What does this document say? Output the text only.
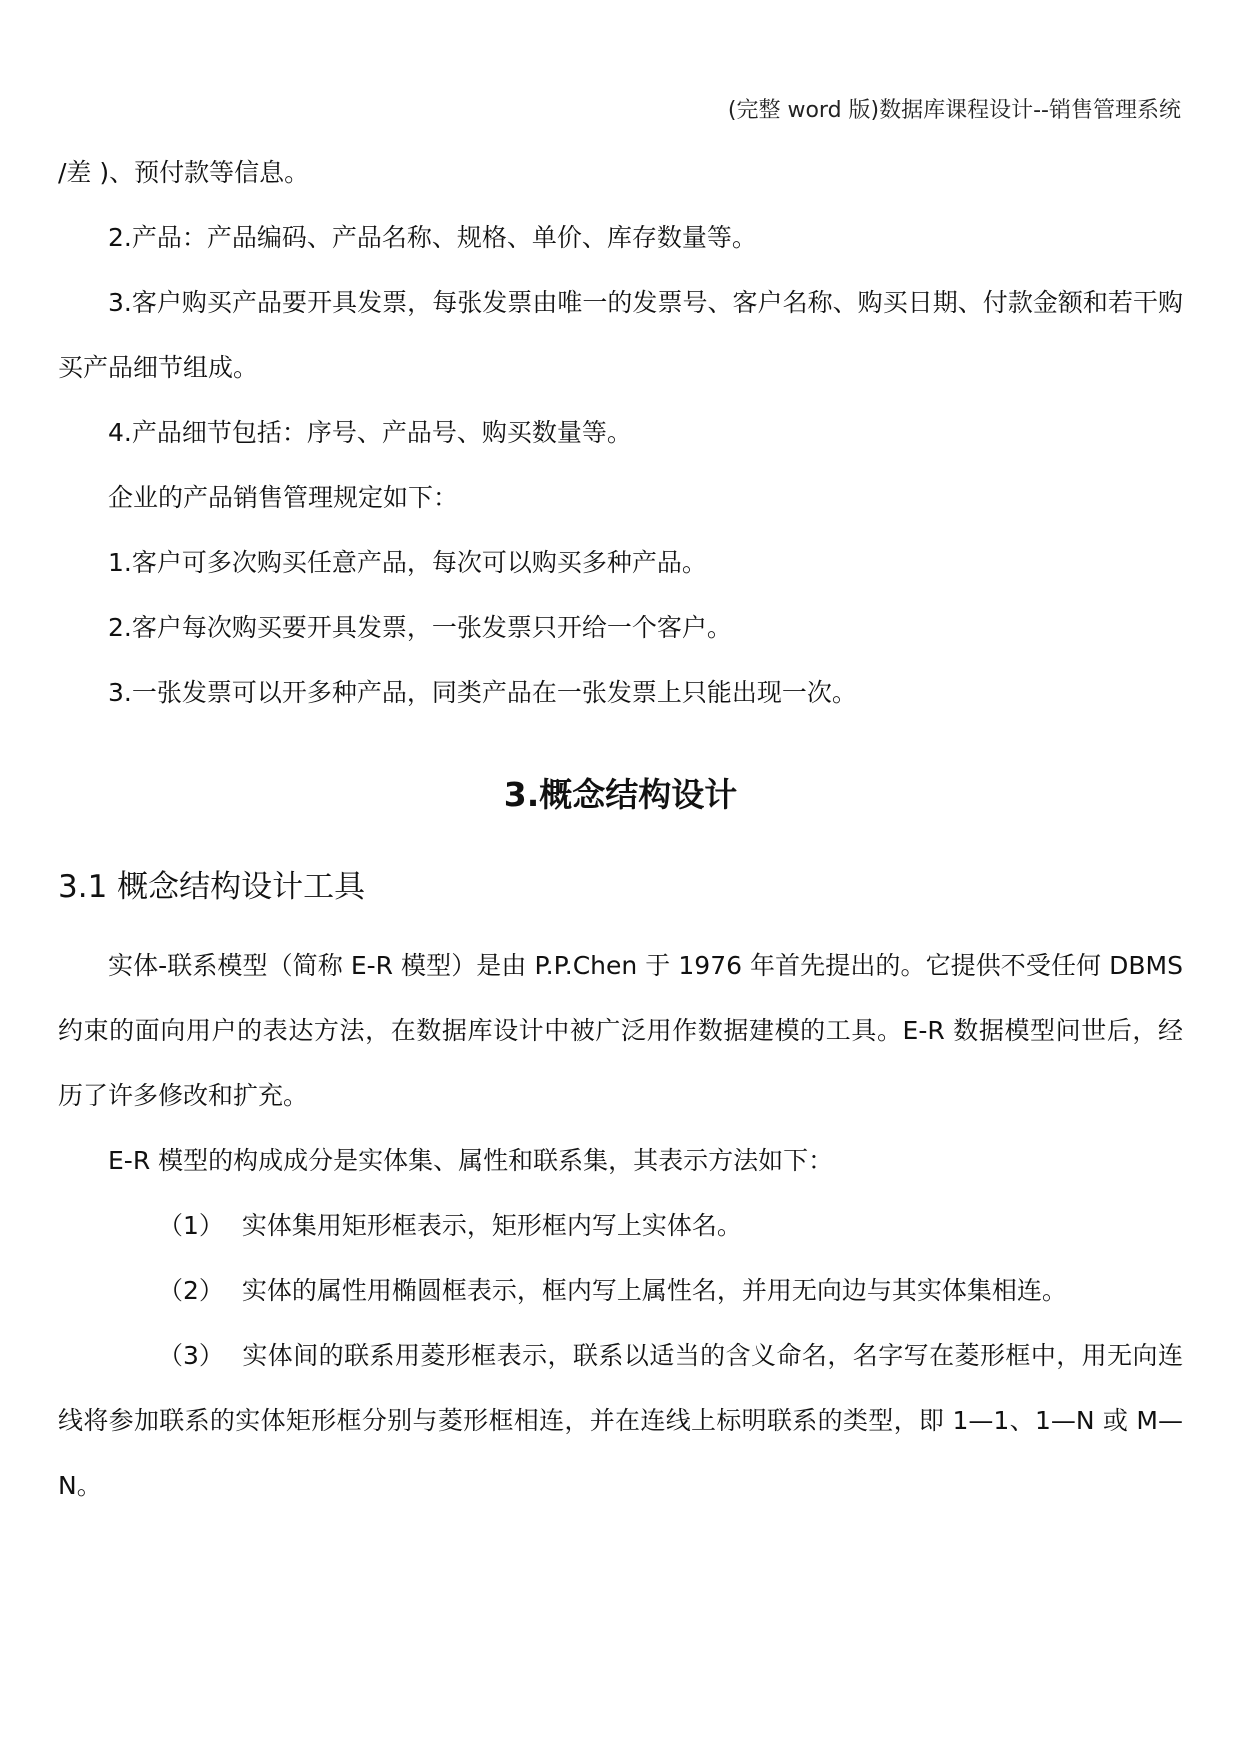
(完整 word 版)数据库课程设计--销售管理系统

/差 )、预付款等信息。

2.产品：产品编码、产品名称、规格、单价、库存数量等。

3.客户购买产品要开具发票，每张发票由唯一的发票号、客户名称、购买日期、付款金额和若干购买产品细节组成。

4.产品细节包括：序号、产品号、购买数量等。

企业的产品销售管理规定如下：

1.客户可多次购买任意产品，每次可以购买多种产品。

2.客户每次购买要开具发票，一张发票只开给一个客户。

3.一张发票可以开多种产品，同类产品在一张发票上只能出现一次。

3.概念结构设计
3.1 概念结构设计工具

实体-联系模型（简称 E-R 模型）是由 P.P.Chen 于 1976 年首先提出的。它提供不受任何 DBMS 约束的面向用户的表达方法，在数据库设计中被广泛用作数据建模的工具。E-R 数据模型问世后，经历了许多修改和扩充。

E-R 模型的构成成分是实体集、属性和联系集，其表示方法如下：

（1） 实体集用矩形框表示，矩形框内写上实体名。

（2） 实体的属性用椭圆框表示，框内写上属性名，并用无向边与其实体集相连。

（3） 实体间的联系用菱形框表示，联系以适当的含义命名，名字写在菱形框中，用无向连线将参加联系的实体矩形框分别与菱形框相连，并在连线上标明联系的类型，即 1—1、1—N 或 M—N。
